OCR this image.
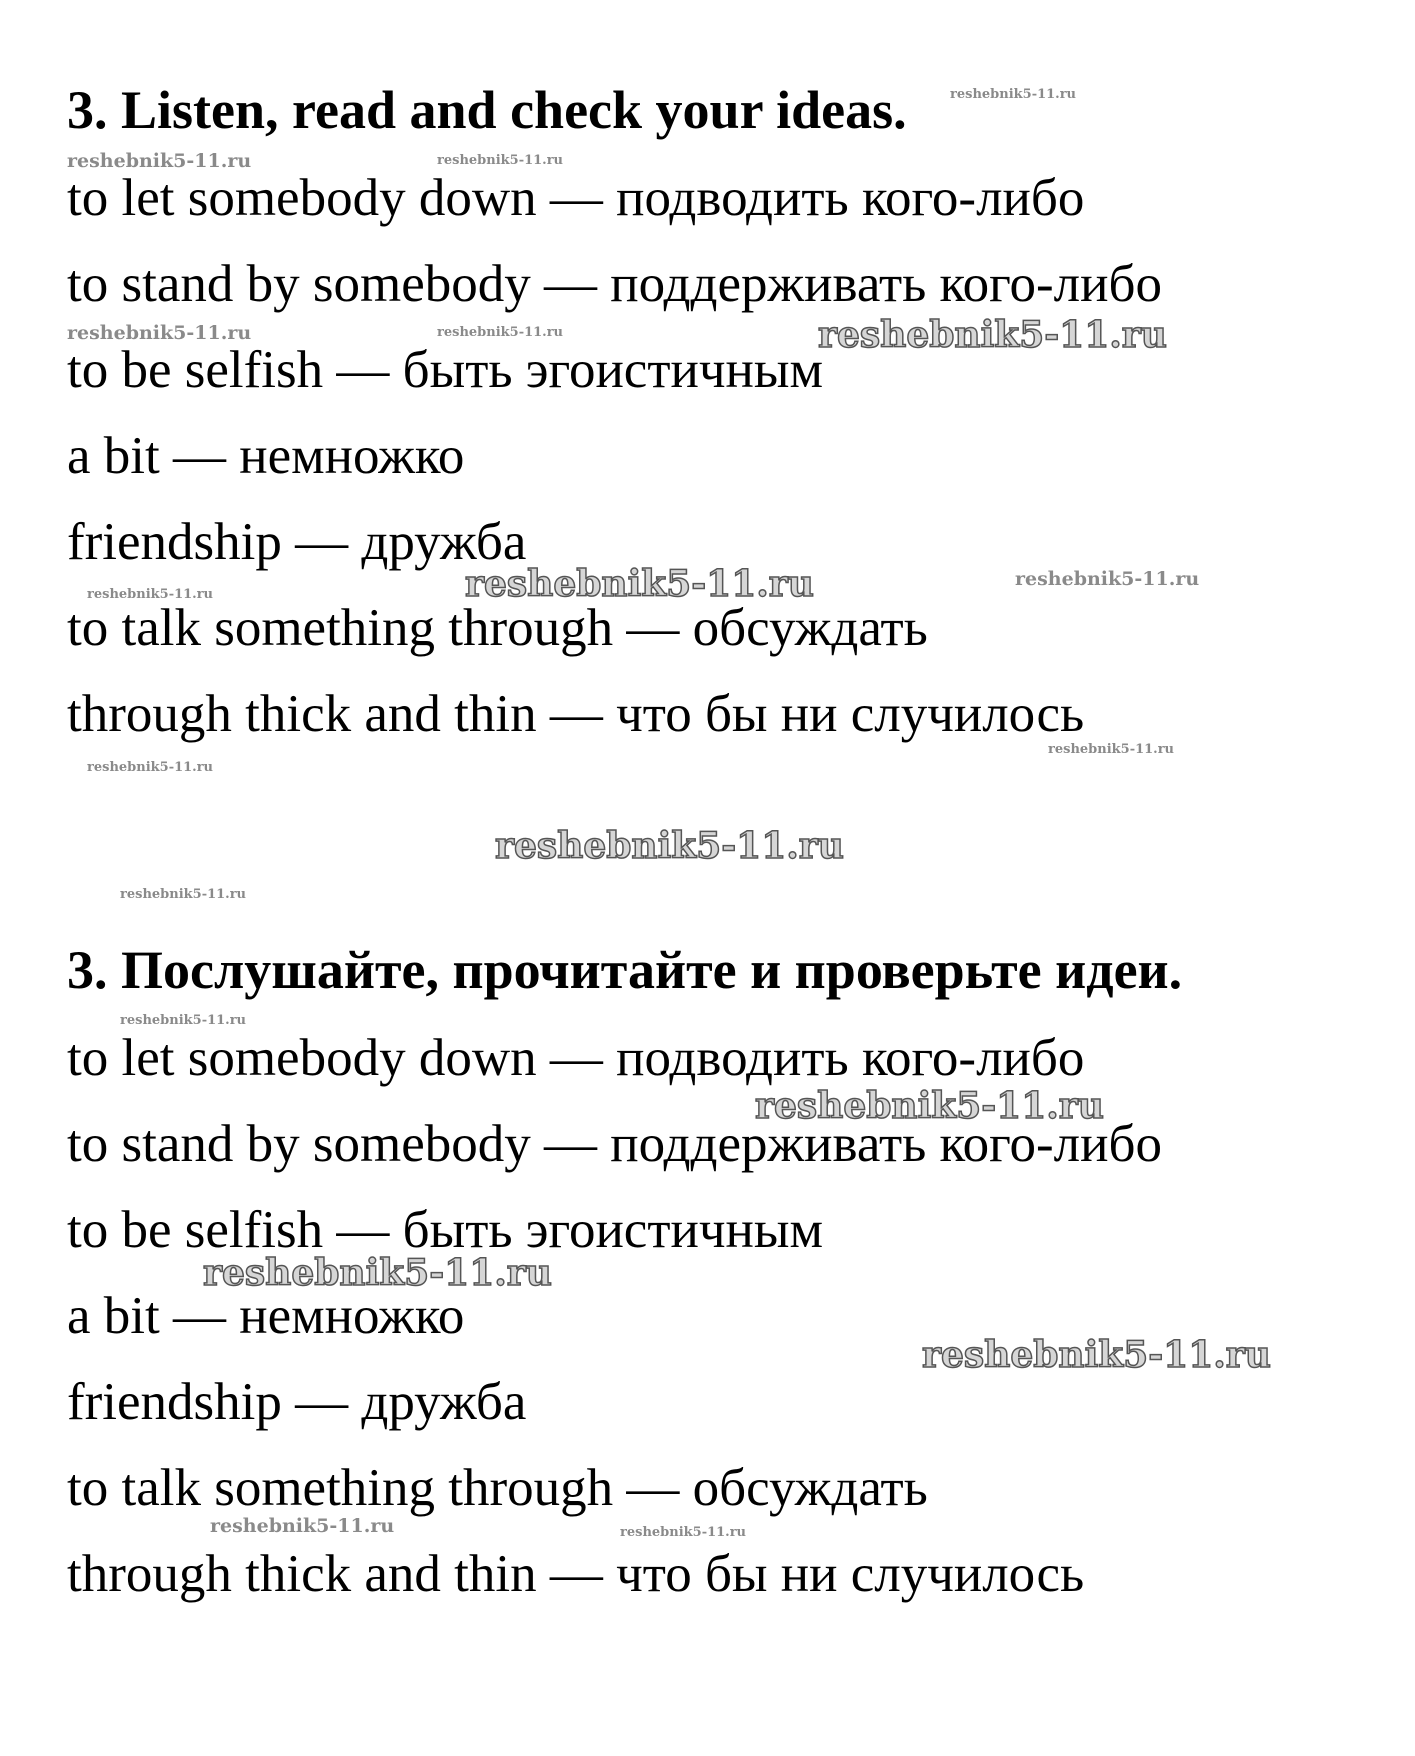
3. Listen, read and check your ideas.

to let somebody down — подводить кого-либо

to stand by somebody — поддерживать кого-либо

to be selfish — быть эгоистичным

a bit — немножко

friendship — дружба

to talk something through — обсуждать

through thick and thin — что бы ни случилось

3. Послушайте, прочитайте и проверьте идеи.

to let somebody down — подводить кого-либо

to stand by somebody — поддерживать кого-либо

to be selfish — быть эгоистичным

a bit — немножко

friendship — дружба

to talk something through — обсуждать

through thick and thin — что бы ни случилось

reshebnik5-11.ru
reshebnik5-11.ru	reshebnik5-11.ru
reshebnik5-11.ru	reshebnik5-11.ru	reshebnik5-11.ru
reshebnik5-11.ru	reshebnik5-11.ru	reshebnik5-11.ru
reshebnik5-11.ru
reshebnik5-11.ru
reshebnik5-11.ru
reshebnik5-11.ru
reshebnik5-11.ru
reshebnik5-11.ru
reshebnik5-11.ru
reshebnik5-11.ru
reshebnik5-11.ru	reshebnik5-11.ru
